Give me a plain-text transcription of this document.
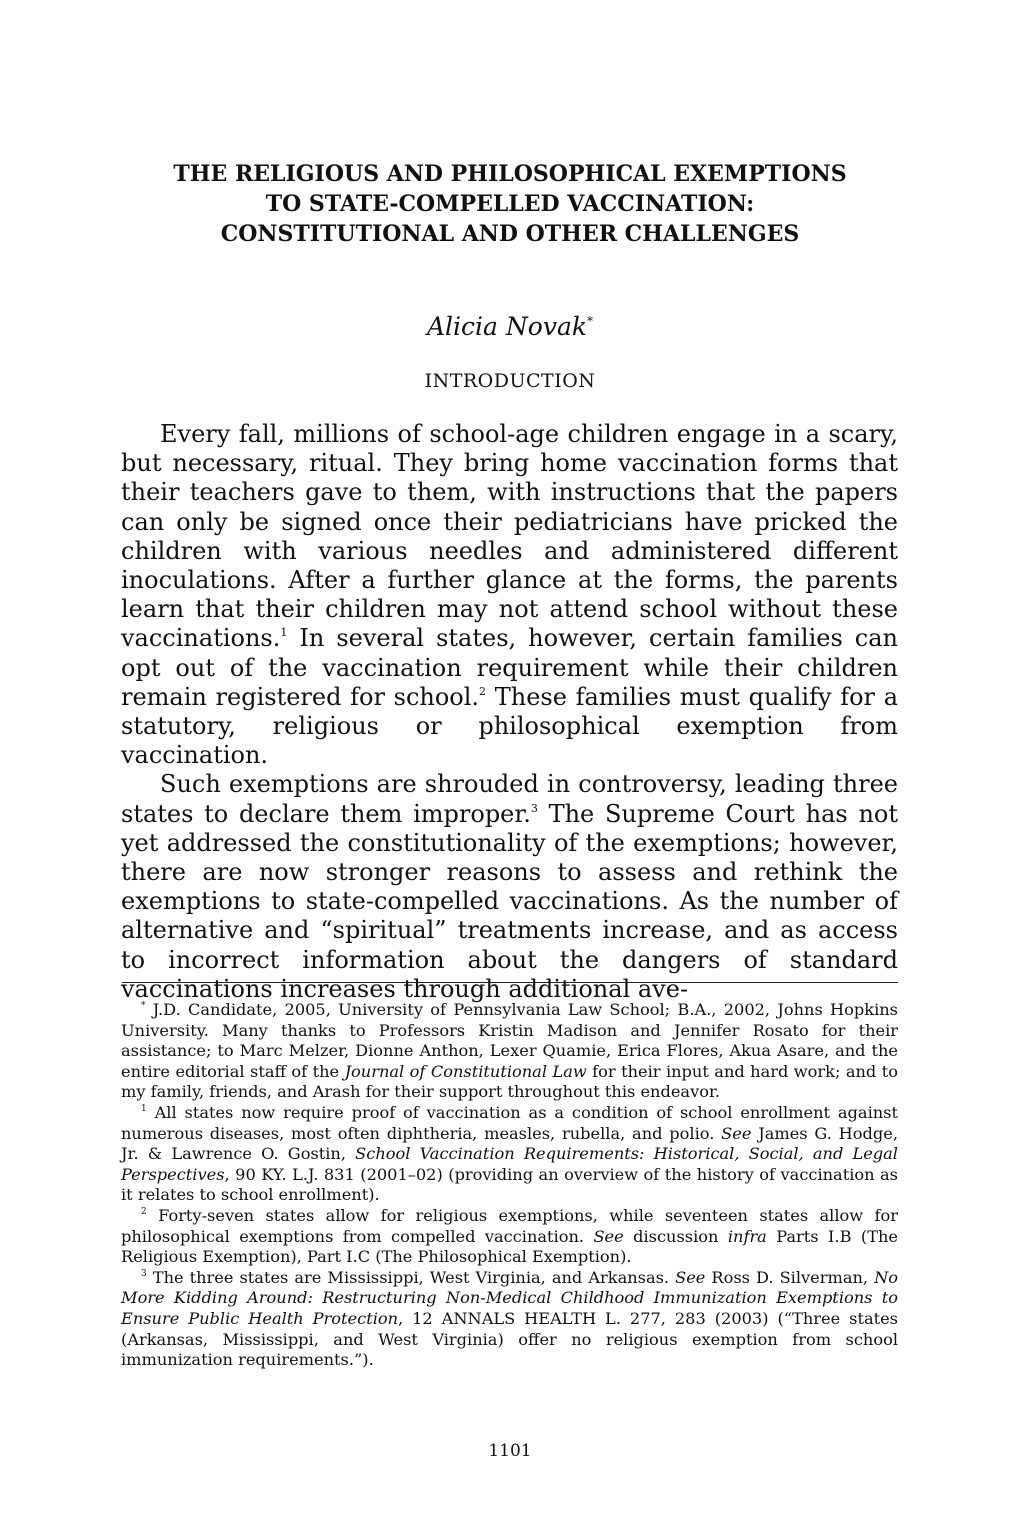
THE RELIGIOUS AND PHILOSOPHICAL EXEMPTIONS
TO STATE-COMPELLED VACCINATION:
CONSTITUTIONAL AND OTHER CHALLENGES
Alicia Novak*
INTRODUCTION

Every fall, millions of school-age children engage in a scary, but necessary, ritual. They bring home vaccination forms that their teachers gave to them, with instructions that the papers can only be signed once their pediatricians have pricked the children with various needles and administered different inoculations. After a further glance at the forms, the parents learn that their children may not attend school without these vaccinations.$^1$ In several states, however, certain families can opt out of the vaccination requirement while their children remain registered for school.$^2$ These families must qualify for a statutory, religious or philosophical exemption from vaccination.

Such exemptions are shrouded in controversy, leading three states to declare them improper.$^3$ The Supreme Court has not yet addressed the constitutionality of the exemptions; however, there are now stronger reasons to assess and rethink the exemptions to state-compelled vaccinations. As the number of alternative and “spiritual” treatments increase, and as access to incorrect information about the dangers of standard vaccinations increases through additional ave-

* J.D. Candidate, 2005, University of Pennsylvania Law School; B.A., 2002, Johns Hopkins University. Many thanks to Professors Kristin Madison and Jennifer Rosato for their assistance; to Marc Melzer, Dionne Anthon, Lexer Quamie, Erica Flores, Akua Asare, and the entire editorial staff of the Journal of Constitutional Law for their input and hard work; and to my family, friends, and Arash for their support throughout this endeavor.

$^1$ All states now require proof of vaccination as a condition of school enrollment against numerous diseases, most often diphtheria, measles, rubella, and polio. See James G. Hodge, Jr. & Lawrence O. Gostin, School Vaccination Requirements: Historical, Social, and Legal Perspectives, 90 KY. L.J. 831 (2001–02) (providing an overview of the history of vaccination as it relates to school enrollment).

$^2$ Forty-seven states allow for religious exemptions, while seventeen states allow for philosophical exemptions from compelled vaccination. See discussion infra Parts I.B (The Religious Exemption), Part I.C (The Philosophical Exemption).

$^3$ The three states are Mississippi, West Virginia, and Arkansas. See Ross D. Silverman, No More Kidding Around: Restructuring Non-Medical Childhood Immunization Exemptions to Ensure Public Health Protection, 12 ANNALS HEALTH L. 277, 283 (2003) (“Three states (Arkansas, Mississippi, and West Virginia) offer no religious exemption from school immunization requirements.”).

1101
